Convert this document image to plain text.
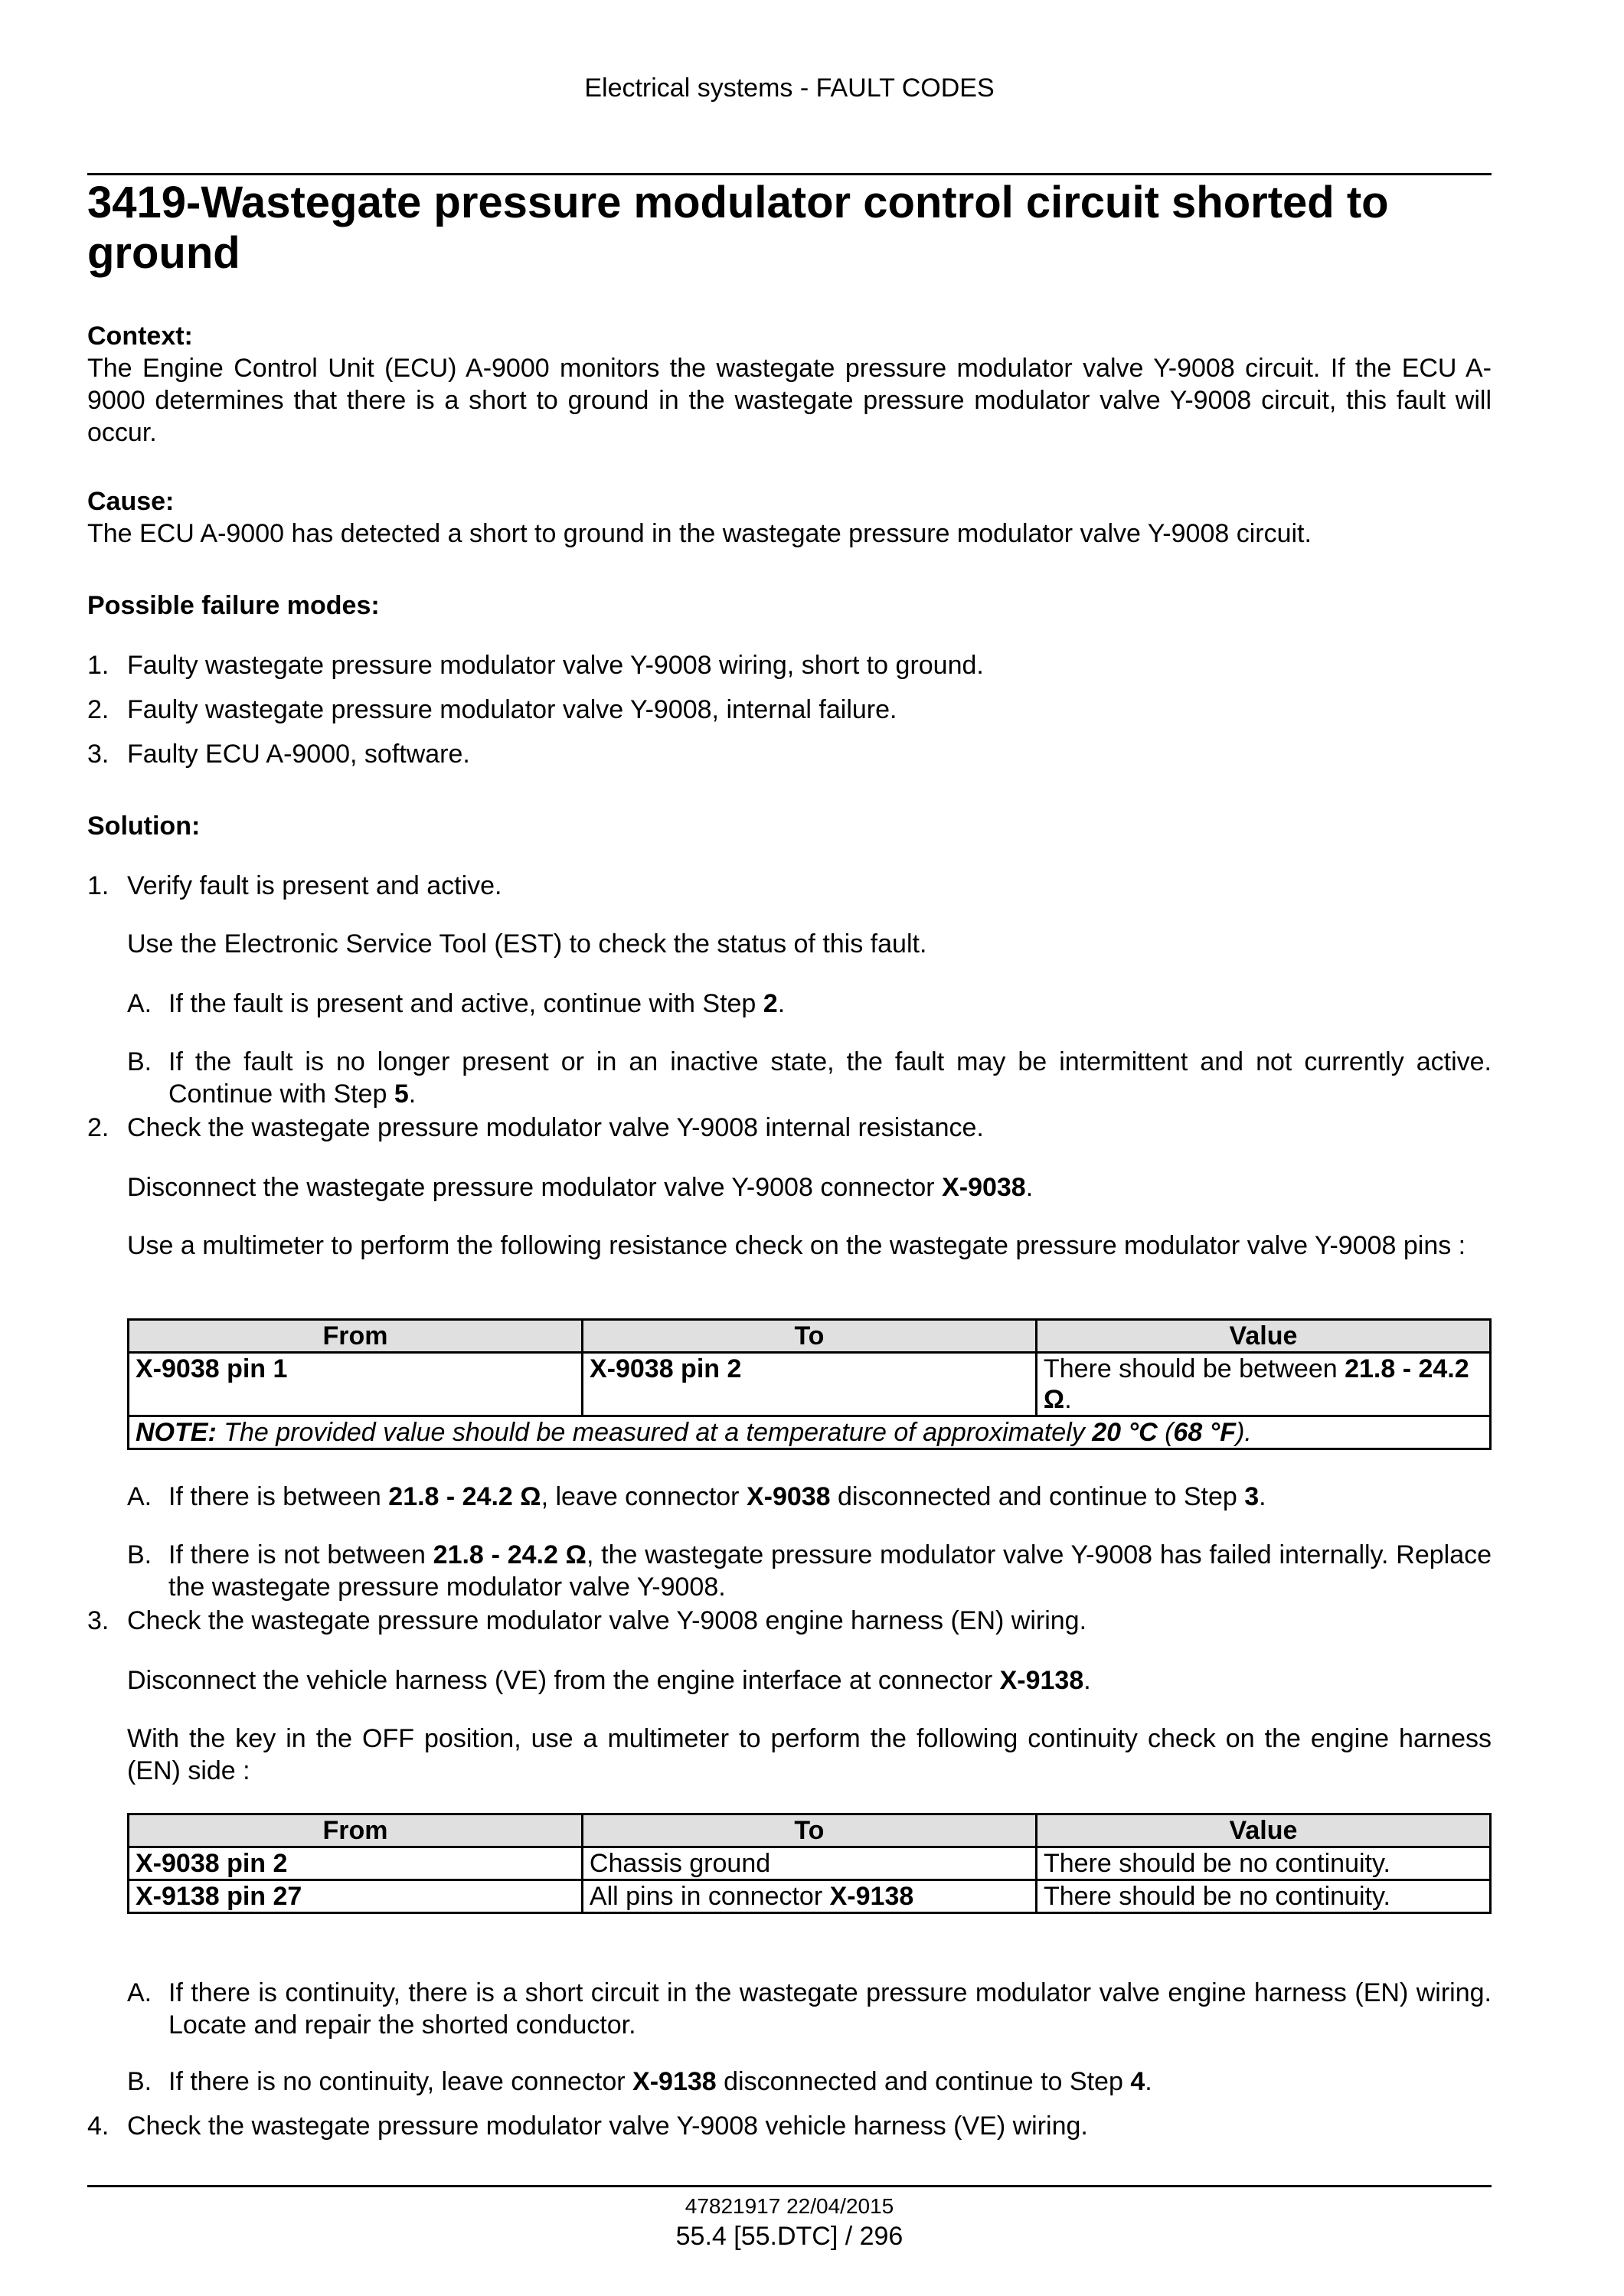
Electrical systems - FAULT CODES
3419-Wastegate pressure modulator control circuit shorted to ground
Context:
The Engine Control Unit (ECU) A-9000 monitors the wastegate pressure modulator valve Y-9008 circuit. If the ECU A-9000 determines that there is a short to ground in the wastegate pressure modulator valve Y-9008 circuit, this fault will occur.
Cause:
The ECU A-9000 has detected a short to ground in the wastegate pressure modulator valve Y-9008 circuit.
Possible failure modes:
1. Faulty wastegate pressure modulator valve Y-9008 wiring, short to ground.
2. Faulty wastegate pressure modulator valve Y-9008, internal failure.
3. Faulty ECU A-9000, software.
Solution:
1. Verify fault is present and active.
Use the Electronic Service Tool (EST) to check the status of this fault.
A. If the fault is present and active, continue with Step 2.
B. If the fault is no longer present or in an inactive state, the fault may be intermittent and not currently active. Continue with Step 5.
2. Check the wastegate pressure modulator valve Y-9008 internal resistance.
Disconnect the wastegate pressure modulator valve Y-9008 connector X-9038.
Use a multimeter to perform the following resistance check on the wastegate pressure modulator valve Y-9008 pins :
From	To	Value
X-9038 pin 1	X-9038 pin 2	There should be between 21.8 - 24.2 Ω.
NOTE: The provided value should be measured at a temperature of approximately 20 °C (68 °F).		
A. If there is between 21.8 - 24.2 Ω, leave connector X-9038 disconnected and continue to Step 3.
B. If there is not between 21.8 - 24.2 Ω, the wastegate pressure modulator valve Y-9008 has failed internally. Replace the wastegate pressure modulator valve Y-9008.
3. Check the wastegate pressure modulator valve Y-9008 engine harness (EN) wiring.
Disconnect the vehicle harness (VE) from the engine interface at connector X-9138.
With the key in the OFF position, use a multimeter to perform the following continuity check on the engine harness (EN) side :
From	To	Value
X-9038 pin 2	Chassis ground	There should be no continuity.
X-9138 pin 27	All pins in connector X-9138	There should be no continuity.
A. If there is continuity, there is a short circuit in the wastegate pressure modulator valve engine harness (EN) wiring. Locate and repair the shorted conductor.
B. If there is no continuity, leave connector X-9138 disconnected and continue to Step 4.
4. Check the wastegate pressure modulator valve Y-9008 vehicle harness (VE) wiring.
47821917 22/04/2015
55.4 [55.DTC] / 296
